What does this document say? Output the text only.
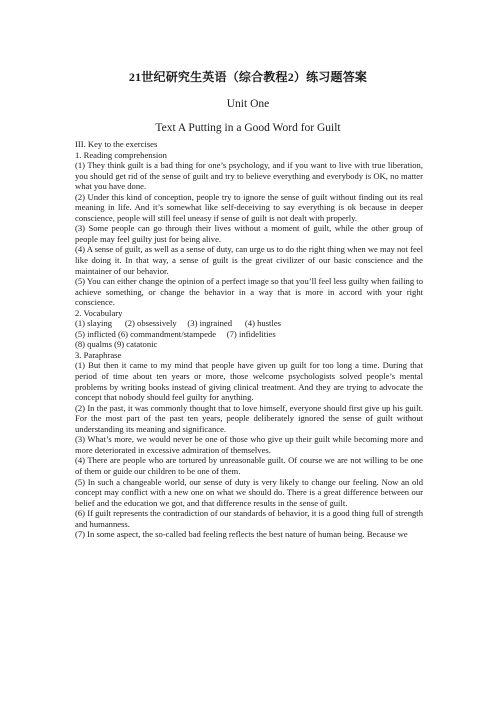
21世纪研究生英语（综合教程2）练习题答案
Unit One
Text A Putting in a Good Word for Guilt
III. Key to the exercises
1. Reading comprehension

(1) They think guilt is a bad thing for one’s psychology, and if you want to live with true liberation, you should get rid of the sense of guilt and try to believe everything and everybody is OK, no matter what you have done.

(2) Under this kind of conception, people try to ignore the sense of guilt without finding out its real meaning in life. And it’s somewhat like self-deceiving to say everything is ok because in deeper conscience, people will still feel uneasy if sense of guilt is not dealt with properly.

(3) Some people can go through their lives without a moment of guilt, while the other group of people may feel guilty just for being alive.

(4) A sense of guilt, as well as a sense of duty, can urge us to do the right thing when we may not feel like doing it. In that way, a sense of guilt is the great civilizer of our basic conscience and the maintainer of our behavior.

(5) You can either change the opinion of a perfect image so that you’ll feel less guilty when failing to achieve something, or change the behavior in a way that is more in accord with your right conscience.

2. Vocabulary
(1) slaying      (2) obsessively     (3) ingrained      (4) hustles
(5) inflicted (6) commandment/stampede     (7) infidelities
(8) qualms (9) catatonic
3. Paraphrase

(1) But then it came to my mind that people have given up guilt for too long a time. During that period of time about ten years or more, those welcome psychologists solved people’s mental problems by writing books instead of giving clinical treatment. And they are trying to advocate the concept that nobody should feel guilty for anything.

(2) In the past, it was commonly thought that to love himself, everyone should first give up his guilt. For the most part of the past ten years, people deliberately ignored the sense of guilt without understanding its meaning and significance.

(3) What’s more, we would never be one of those who give up their guilt while becoming more and more deteriorated in excessive admiration of themselves.

(4) There are people who are tortured by unreasonable guilt. Of course we are not willing to be one of them or guide our children to be one of them.

(5) In such a changeable world, our sense of duty is very likely to change our feeling. Now an old concept may conflict with a new one on what we should do. There is a great difference between our belief and the education we got, and that difference results in the sense of guilt.

(6) If guilt represents the contradiction of our standards of behavior, it is a good thing full of strength and humanness.

(7) In some aspect, the so-called bad feeling reflects the best nature of human being. Because we
